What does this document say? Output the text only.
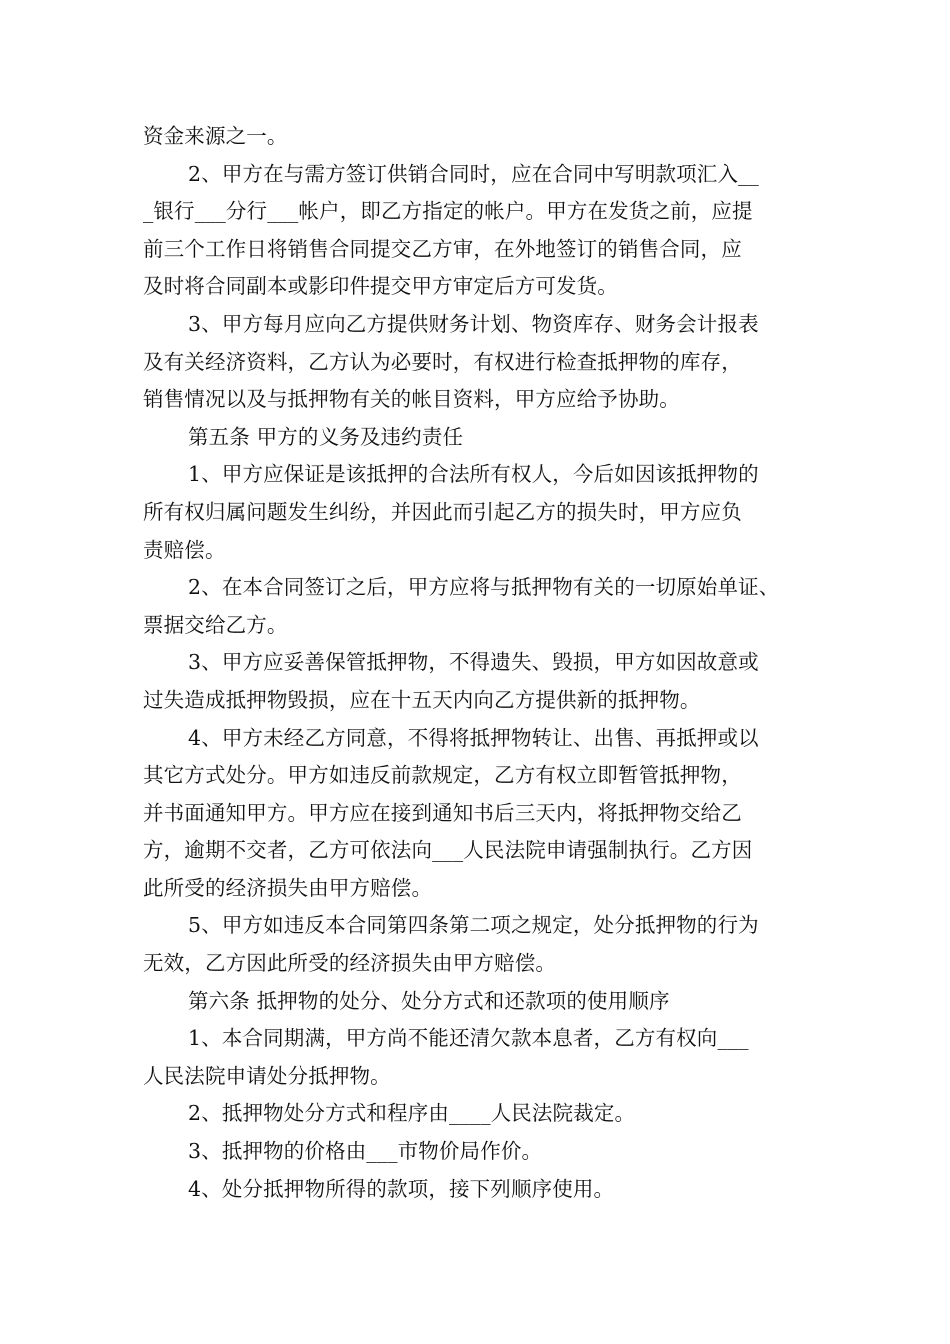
资金来源之一。
2、甲方在与需方签订供销合同时，应在合同中写明款项汇入__
_银行___分行___帐户，即乙方指定的帐户。甲方在发货之前，应提
前三个工作日将销售合同提交乙方审，在外地签订的销售合同，应
及时将合同副本或影印件提交甲方审定后方可发货。
3、甲方每月应向乙方提供财务计划、物资库存、财务会计报表
及有关经济资料，乙方认为必要时，有权进行检查抵押物的库存，
销售情况以及与抵押物有关的帐目资料，甲方应给予协助。
第五条 甲方的义务及违约责任
1、甲方应保证是该抵押的合法所有权人，今后如因该抵押物的
所有权归属问题发生纠纷，并因此而引起乙方的损失时，甲方应负
责赔偿。
2、在本合同签订之后，甲方应将与抵押物有关的一切原始单证、
票据交给乙方。
3、甲方应妥善保管抵押物，不得遗失、毁损，甲方如因故意或
过失造成抵押物毁损，应在十五天内向乙方提供新的抵押物。
4、甲方未经乙方同意，不得将抵押物转让、出售、再抵押或以
其它方式处分。甲方如违反前款规定，乙方有权立即暂管抵押物，
并书面通知甲方。甲方应在接到通知书后三天内，将抵押物交给乙
方，逾期不交者，乙方可依法向___人民法院申请强制执行。乙方因
此所受的经济损失由甲方赔偿。
5、甲方如违反本合同第四条第二项之规定，处分抵押物的行为
无效，乙方因此所受的经济损失由甲方赔偿。
第六条 抵押物的处分、处分方式和还款项的使用顺序
1、本合同期满，甲方尚不能还清欠款本息者，乙方有权向___
人民法院申请处分抵押物。
2、抵押物处分方式和程序由____人民法院裁定。
3、抵押物的价格由___市物价局作价。
4、处分抵押物所得的款项，接下列顺序使用。
